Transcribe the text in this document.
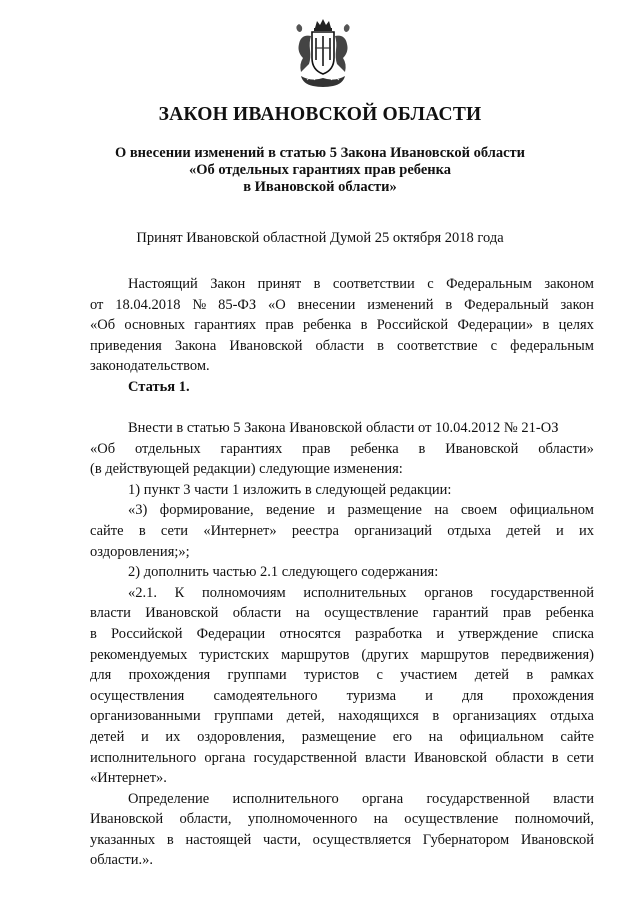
ЗАКОН ИВАНОВСКОЙ ОБЛАСТИ
О внесении изменений в статью 5 Закона Ивановской области
«Об отдельных гарантиях прав ребенка
в Ивановской области»
Принят Ивановской областной Думой 25 октября 2018 года
Настоящий Закон принят в соответствии с Федеральным законом
от 18.04.2018 № 85-ФЗ «О внесении изменений в Федеральный закон
«Об основных гарантиях прав ребенка в Российской Федерации» в целях
приведения Закона Ивановской области в соответствие с федеральным
законодательством.
Статья 1.
Внести в статью 5 Закона Ивановской области от 10.04.2012 № 21-ОЗ
«Об отдельных гарантиях прав ребенка в Ивановской области»
(в действующей редакции) следующие изменения:
1) пункт 3 части 1 изложить в следующей редакции:
«3) формирование, ведение и размещение на своем официальном
сайте в сети «Интернет» реестра организаций отдыха детей и их
оздоровления;»;
2) дополнить частью 2.1 следующего содержания:
«2.1. К полномочиям исполнительных органов государственной
власти Ивановской области на осуществление гарантий прав ребенка
в Российской Федерации относятся разработка и утверждение списка
рекомендуемых туристских маршрутов (других маршрутов передвижения)
для прохождения группами туристов с участием детей в рамках
осуществления самодеятельного туризма и для прохождения
организованными группами детей, находящихся в организациях отдыха
детей и их оздоровления, размещение его на официальном сайте
исполнительного органа государственной власти Ивановской области в сети
«Интернет».
Определение исполнительного органа государственной власти
Ивановской области, уполномоченного на осуществление полномочий,
указанных в настоящей части, осуществляется Губернатором Ивановской
области.».
